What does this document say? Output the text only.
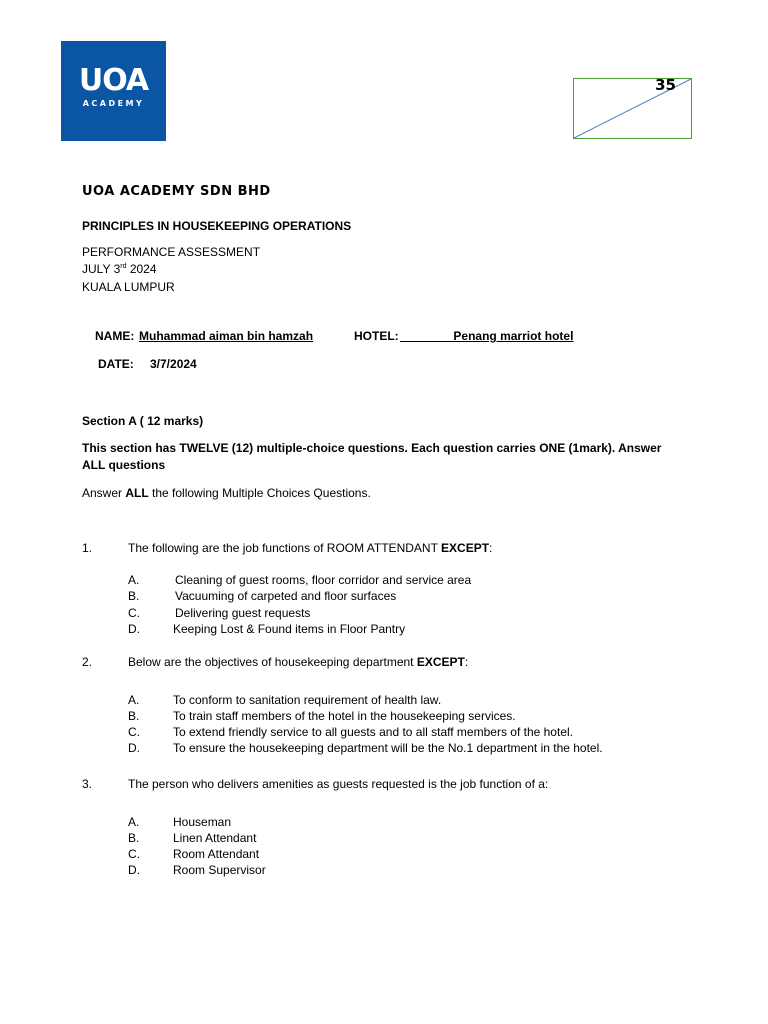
UOA
ACADEMY
35
UOA ACADEMY SDN BHD
PRINCIPLES IN HOUSEKEEPING OPERATIONS
PERFORMANCE ASSESSMENT
JULY 3rd 2024
KUALA LUMPUR
NAME: Muhammad aiman bin hamzah	HOTEL: ________Penang marriot hotel
DATE: 3/7/2024
Section A ( 12 marks)
This section has TWELVE (12) multiple-choice questions. Each question carries ONE (1mark). Answer ALL questions
Answer ALL the following Multiple Choices Questions.
1.	The following are the job functions of ROOM ATTENDANT EXCEPT:
A.	Cleaning of guest rooms, floor corridor and service area
B.	Vacuuming of carpeted and floor surfaces
C.	Delivering guest requests
D.	Keeping Lost & Found items in Floor Pantry
2.	Below are the objectives of housekeeping department EXCEPT:
A.	To conform to sanitation requirement of health law.
B.	To train staff members of the hotel in the housekeeping services.
C.	To extend friendly service to all guests and to all staff members of the hotel.
D.	To ensure the housekeeping department will be the No.1 department in the hotel.
3.	The person who delivers amenities as guests requested is the job function of a:
A.	Houseman
B.	Linen Attendant
C.	Room Attendant
D.	Room Supervisor
